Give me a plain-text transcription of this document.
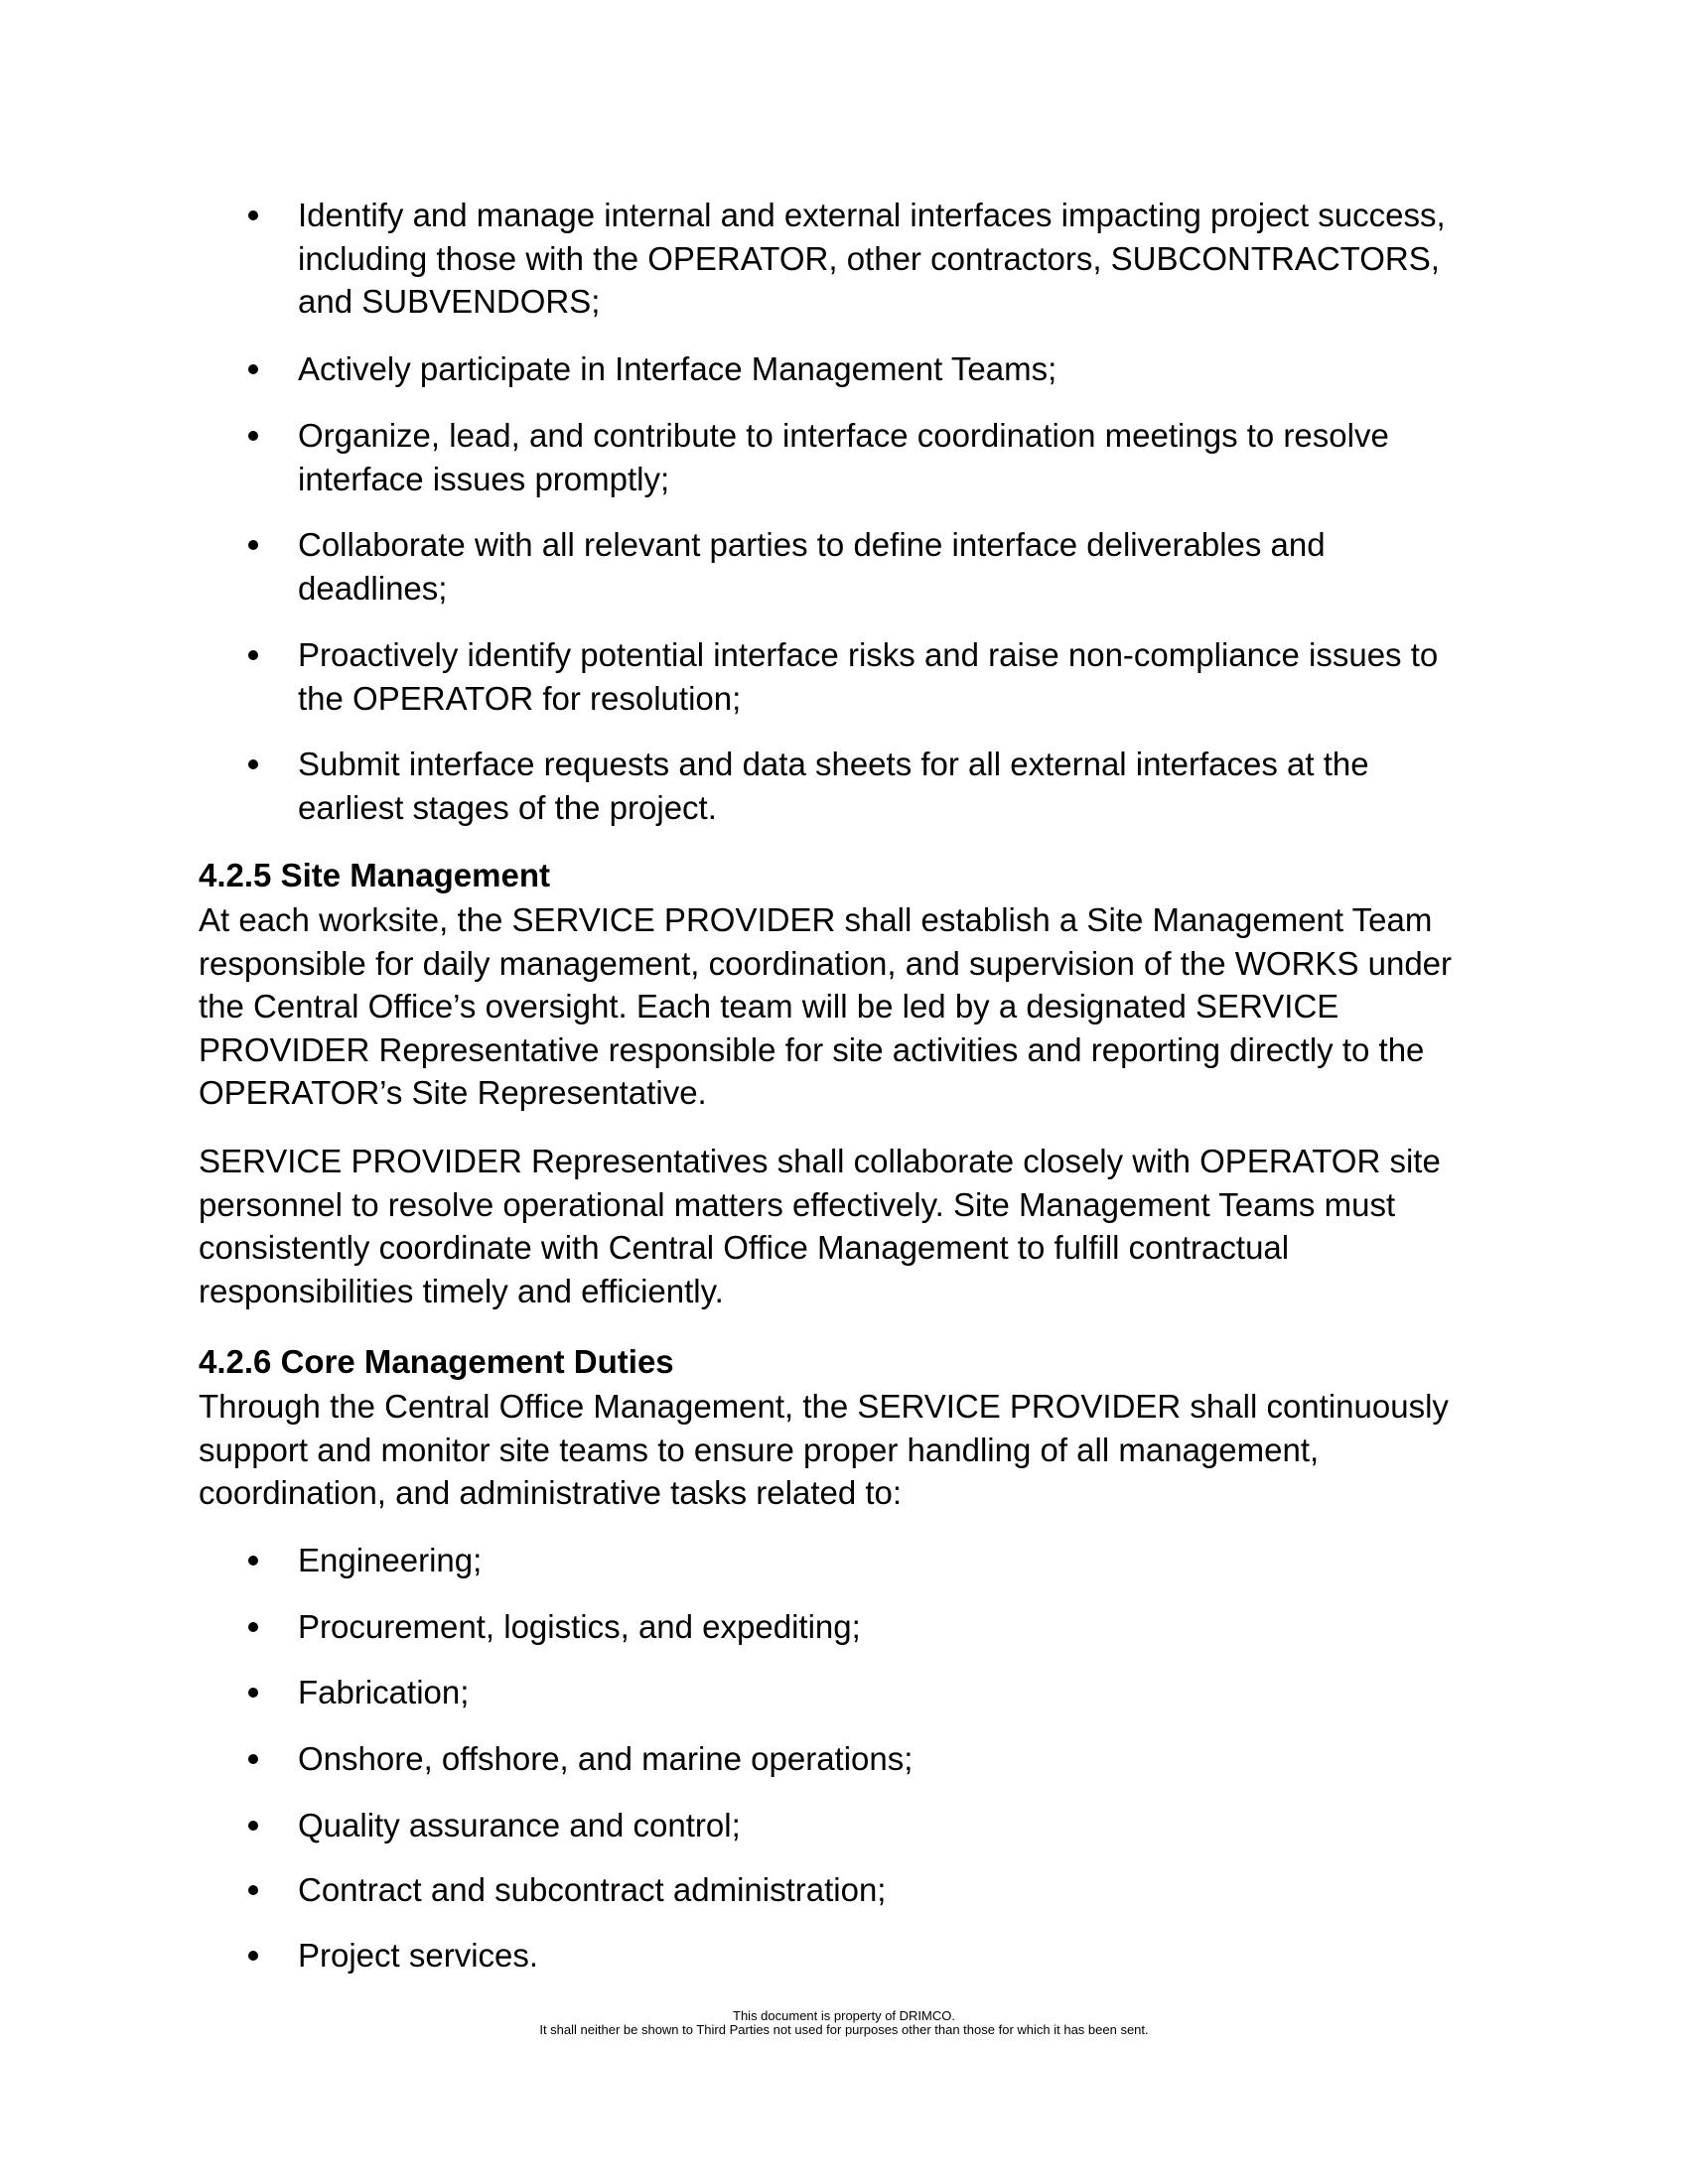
Identify and manage internal and external interfaces impacting project success,
including those with the OPERATOR, other contractors, SUBCONTRACTORS,
and SUBVENDORS;
Actively participate in Interface Management Teams;
Organize, lead, and contribute to interface coordination meetings to resolve
interface issues promptly;
Collaborate with all relevant parties to define interface deliverables and
deadlines;
Proactively identify potential interface risks and raise non-compliance issues to
the OPERATOR for resolution;
Submit interface requests and data sheets for all external interfaces at the
earliest stages of the project.
4.2.5 Site Management
At each worksite, the SERVICE PROVIDER shall establish a Site Management Team
responsible for daily management, coordination, and supervision of the WORKS under
the Central Office’s oversight. Each team will be led by a designated SERVICE
PROVIDER Representative responsible for site activities and reporting directly to the
OPERATOR’s Site Representative.
SERVICE PROVIDER Representatives shall collaborate closely with OPERATOR site
personnel to resolve operational matters effectively. Site Management Teams must
consistently coordinate with Central Office Management to fulfill contractual
responsibilities timely and efficiently.
4.2.6 Core Management Duties
Through the Central Office Management, the SERVICE PROVIDER shall continuously
support and monitor site teams to ensure proper handling of all management,
coordination, and administrative tasks related to:
Engineering;
Procurement, logistics, and expediting;
Fabrication;
Onshore, offshore, and marine operations;
Quality assurance and control;
Contract and subcontract administration;
Project services.
This document is property of DRIMCO.
It shall neither be shown to Third Parties not used for purposes other than those for which it has been sent.
